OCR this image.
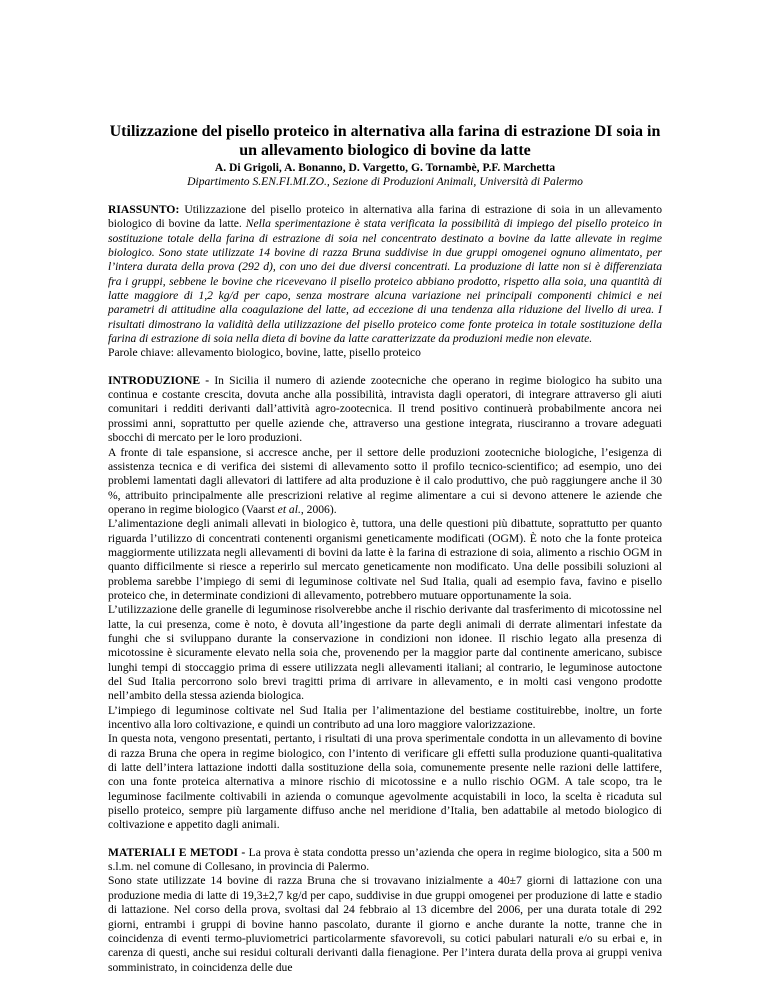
Utilizzazione del pisello proteico in alternativa alla farina di estrazione DI soia in un allevamento biologico di bovine da latte
A. Di Grigoli, A. Bonanno, D. Vargetto, G. Tornambè, P.F. Marchetta
Dipartimento S.EN.FI.MI.ZO., Sezione di Produzioni Animali, Università di Palermo

RIASSUNTO: Utilizzazione del pisello proteico in alternativa alla farina di estrazione di soia in un allevamento biologico di bovine da latte. Nella sperimentazione è stata verificata la possibilità di impiego del pisello proteico in sostituzione totale della farina di estrazione di soia nel concentrato destinato a bovine da latte allevate in regime biologico. Sono state utilizzate 14 bovine di razza Bruna suddivise in due gruppi omogenei ognuno alimentato, per l’intera durata della prova (292 d), con uno dei due diversi concentrati. La produzione di latte non si è differenziata fra i gruppi, sebbene le bovine che ricevevano il pisello proteico abbiano prodotto, rispetto alla soia, una quantità di latte maggiore di 1,2 kg/d per capo, senza mostrare alcuna variazione nei principali componenti chimici e nei parametri di attitudine alla coagulazione del latte, ad eccezione di una tendenza alla riduzione del livello di urea. I risultati dimostrano la validità della utilizzazione del pisello proteico come fonte proteica in totale sostituzione della farina di estrazione di soia nella dieta di bovine da latte caratterizzate da produzioni medie non elevate.

Parole chiave: allevamento biologico, bovine, latte, pisello proteico

INTRODUZIONE - In Sicilia il numero di aziende zootecniche che operano in regime biologico ha subito una continua e costante crescita, dovuta anche alla possibilità, intravista dagli operatori, di integrare attraverso gli aiuti comunitari i redditi derivanti dall’attività agro-zootecnica. Il trend positivo continuerà probabilmente ancora nei prossimi anni, soprattutto per quelle aziende che, attraverso una gestione integrata, riusciranno a trovare adeguati sbocchi di mercato per le loro produzioni.

A fronte di tale espansione, si accresce anche, per il settore delle produzioni zootecniche biologiche, l’esigenza di assistenza tecnica e di verifica dei sistemi di allevamento sotto il profilo tecnico-scientifico; ad esempio, uno dei problemi lamentati dagli allevatori di lattifere ad alta produzione è il calo produttivo, che può raggiungere anche il 30 %, attribuito principalmente alle prescrizioni relative al regime alimentare a cui si devono attenere le aziende che operano in regime biologico (Vaarst et al., 2006).

L’alimentazione degli animali allevati in biologico è, tuttora, una delle questioni più dibattute, soprattutto per quanto riguarda l’utilizzo di concentrati contenenti organismi geneticamente modificati (OGM). È noto che la fonte proteica maggiormente utilizzata negli allevamenti di bovini da latte è la farina di estrazione di soia, alimento a rischio OGM in quanto difficilmente si riesce a reperirlo sul mercato geneticamente non modificato. Una delle possibili soluzioni al problema sarebbe l’impiego di semi di leguminose coltivate nel Sud Italia, quali ad esempio fava, favino e pisello proteico che, in determinate condizioni di allevamento, potrebbero mutuare opportunamente la soia.

L’utilizzazione delle granelle di leguminose risolverebbe anche il rischio derivante dal trasferimento di micotossine nel latte, la cui presenza, come è noto, è dovuta all’ingestione da parte degli animali di derrate alimentari infestate da funghi che si sviluppano durante la conservazione in condizioni non idonee. Il rischio legato alla presenza di micotossine è sicuramente elevato nella soia che, provenendo per la maggior parte dal continente americano, subisce lunghi tempi di stoccaggio prima di essere utilizzata negli allevamenti italiani; al contrario, le leguminose autoctone del Sud Italia percorrono solo brevi tragitti prima di arrivare in allevamento, e in molti casi vengono prodotte nell’ambito della stessa azienda biologica.

L’impiego di leguminose coltivate nel Sud Italia per l’alimentazione del bestiame costituirebbe, inoltre, un forte incentivo alla loro coltivazione, e quindi un contributo ad una loro maggiore valorizzazione.

In questa nota, vengono presentati, pertanto, i risultati di una prova sperimentale condotta in un allevamento di bovine di razza Bruna che opera in regime biologico, con l’intento di verificare gli effetti sulla produzione quanti-qualitativa di latte dell’intera lattazione indotti dalla sostituzione della soia, comunemente presente nelle razioni delle lattifere, con una fonte proteica alternativa a minore rischio di micotossine e a nullo rischio OGM. A tale scopo, tra le leguminose facilmente coltivabili in azienda o comunque agevolmente acquistabili in loco, la scelta è ricaduta sul pisello proteico, sempre più largamente diffuso anche nel meridione d’Italia, ben adattabile al metodo biologico di coltivazione e appetito dagli animali.

MATERIALI E METODI - La prova è stata condotta presso un’azienda che opera in regime biologico, sita a 500 m s.l.m. nel comune di Collesano, in provincia di Palermo.

Sono state utilizzate 14 bovine di razza Bruna che si trovavano inizialmente a 40±7 giorni di lattazione con una produzione media di latte di 19,3±2,7 kg/d per capo, suddivise in due gruppi omogenei per produzione di latte e stadio di lattazione. Nel corso della prova, svoltasi dal 24 febbraio al 13 dicembre del 2006, per una durata totale di 292 giorni, entrambi i gruppi di bovine hanno pascolato, durante il giorno e anche durante la notte, tranne che in coincidenza di eventi termo-pluviometrici particolarmente sfavorevoli, su cotici pabulari naturali e/o su erbai e, in carenza di questi, anche sui residui colturali derivanti dalla fienagione. Per l’intera durata della prova ai gruppi veniva somministrato, in coincidenza delle due
